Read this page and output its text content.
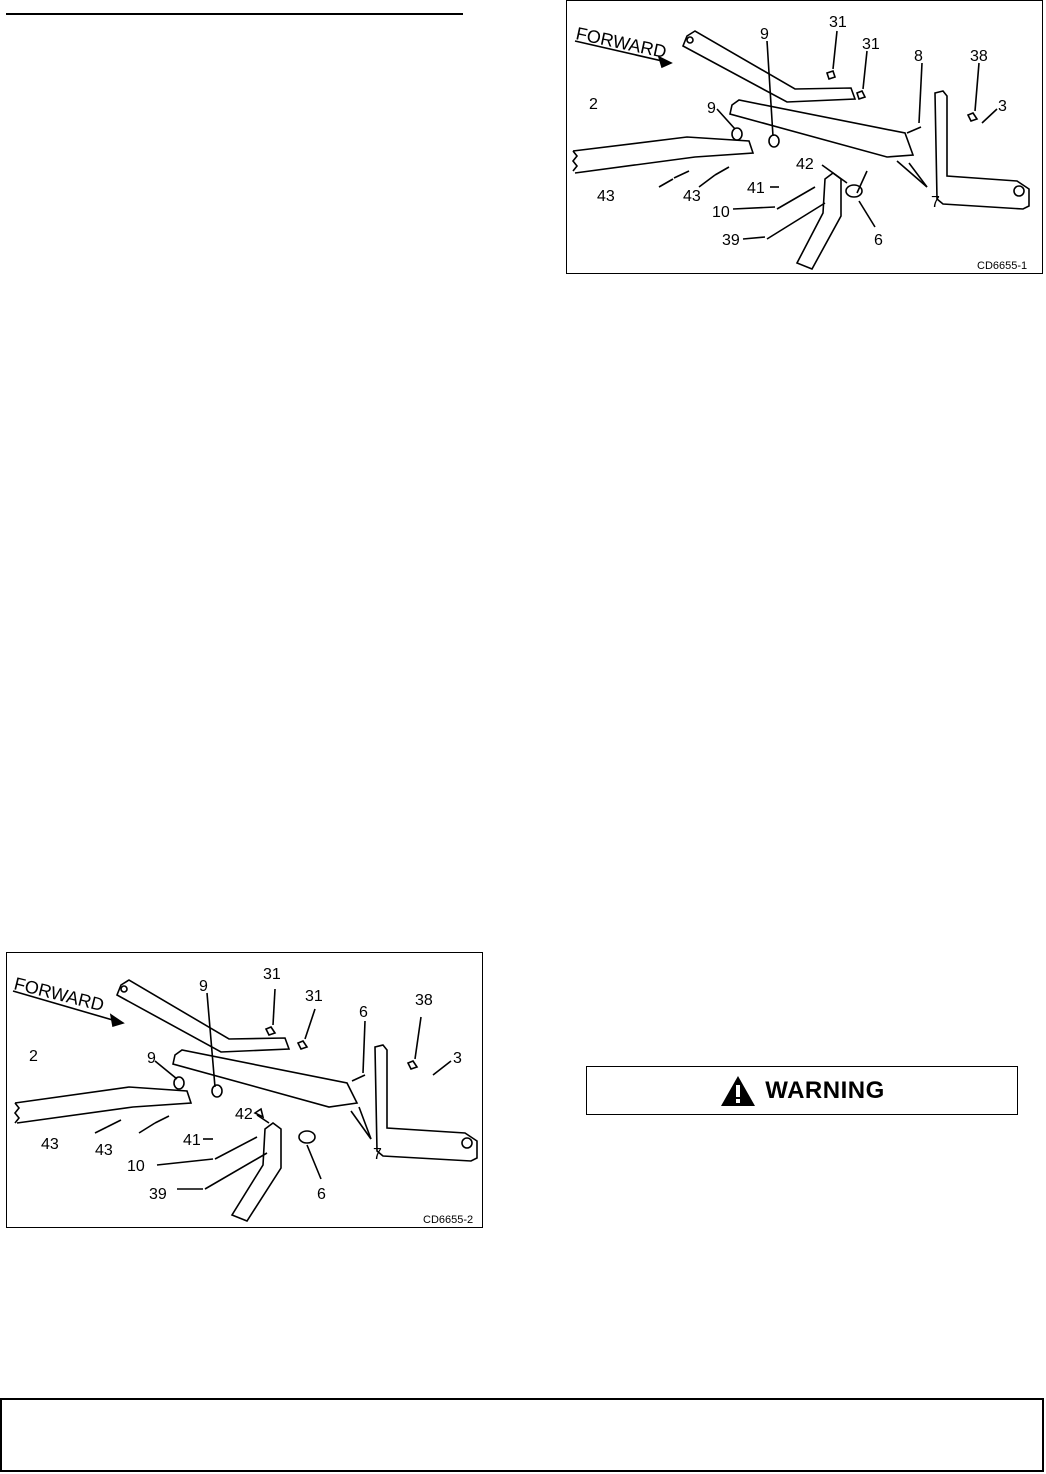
FORWARD
31
9
31
8	38
2	9	3
42
43	43	41
7
10
6
39
CD6655-1
FORWARD	9
31
31
6
38
2	9	3
42
43 43
41
7
10
6
39
CD6655-2
WARNING
